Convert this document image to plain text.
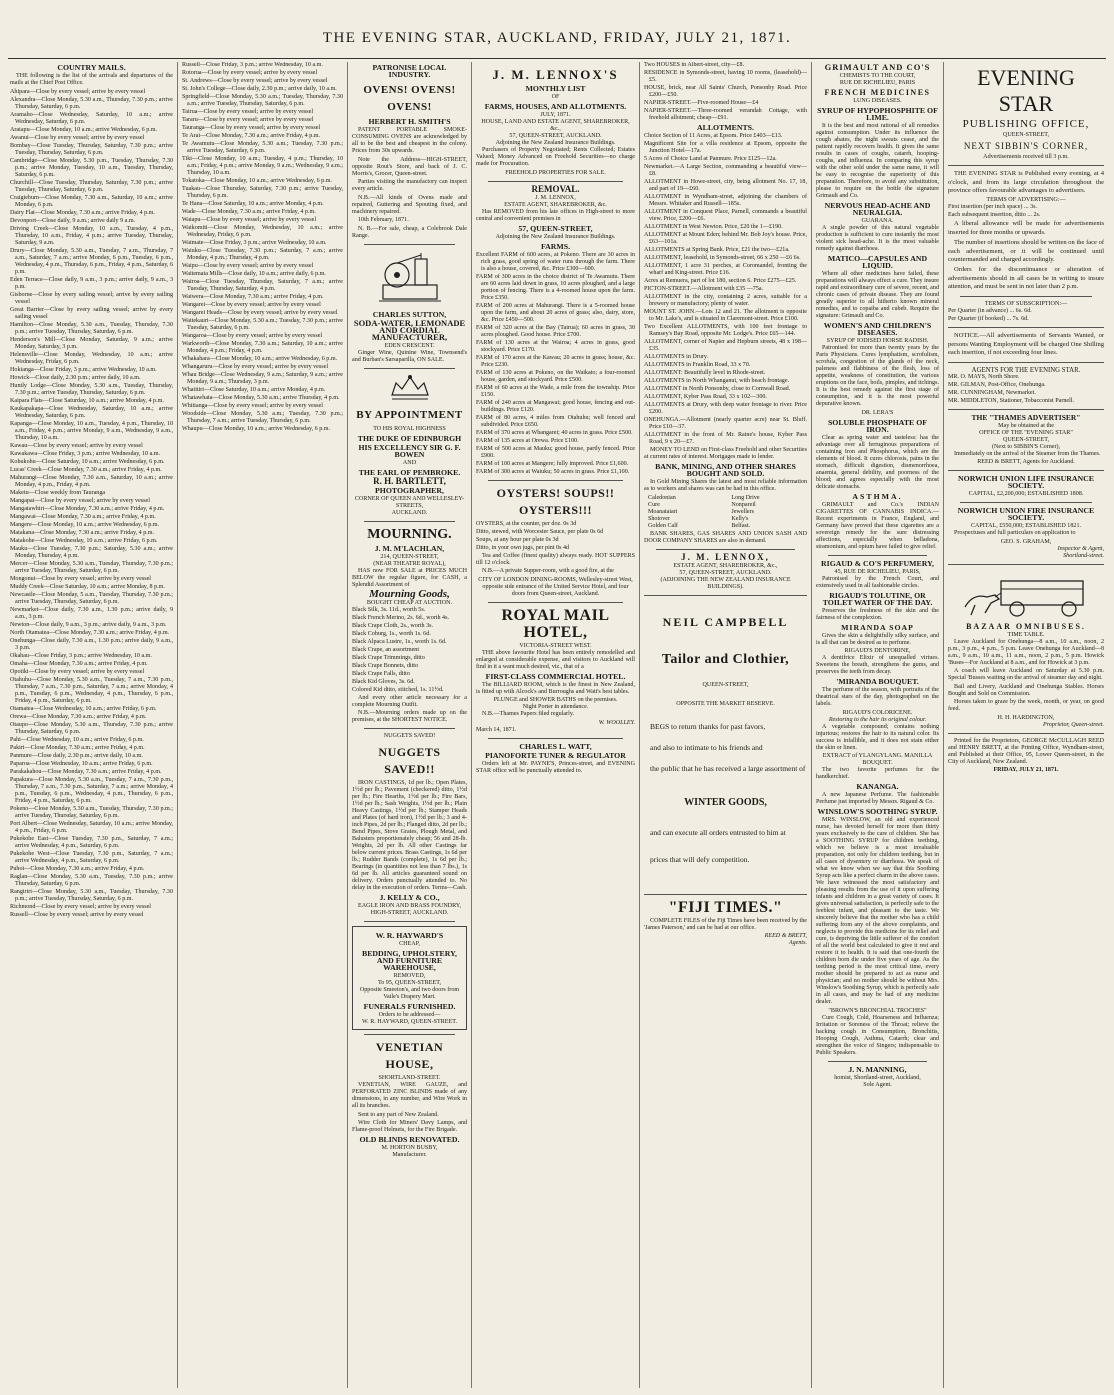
THE EVENING STAR, AUCKLAND, FRIDAY, JULY 21, 1871.
COUNTRY MAILS.

THE following is the list of the arrivals and departures of the mails at the Chief Post Office.

Ahipara—Close by every vessel; arrive by every vessel
Alexandra—Close Monday, 5.30 a.m., Thursday, 7.30 p.m.; arrive Thursday, Saturday, 6 p.m.
Aramaho—Close Wednesday, Saturday, 10 a.m.; arrive Wednesday, Saturday, 6 p.m.
Aratapu—Close Monday, 10 a.m.; arrive Wednesday, 6 p.m.
Awanui—Close by every vessel; arrive by every vessel
Bombay—Close Tuesday, Thursday, Saturday, 7.30 p.m.; arrive Tuesday, Thursday, Saturday, 6 p.m.
Cambridge—Close Monday, 5.30 p.m., Tuesday, Thursday, 7.30 p.m.; arrive Monday, Tuesday, 10 a.m., Tuesday, Thursday, Saturday, 6 p.m.
Churchill—Close Tuesday, Thursday, Saturday, 7.30 p.m.; arrive Tuesday, Thursday, Saturday, 6 p.m.
Craigieburn—Close Monday, 7.30 a.m., Saturday, 10 a.m.; arrive Monday, 6 p.m.
Dairy Flat—Close Monday, 7.30 a.m.; arrive Friday, 4 p.m.
Devonport—Close daily, 9 a.m.; arrive daily 9 a.m.
Driving Creek—Close Monday, 10 a.m., Tuesday, 4 p.m., Thursday, 10 a.m., Friday, 4 p.m.; arrive Tuesday, Thursday, Saturday, 9 a.m.
Drury—Close Monday, 5.30 a.m., Tuesday, 7 a.m., Thursday, 7 a.m., Saturday, 7 a.m.; arrive Monday, 6 p.m., Tuesday, 6 p.m., Wednesday, 4 p.m., Thursday, 6 p.m., Friday, 4 p.m., Saturday, 6 p.m.
Eden Terrace—Close daily, 9 a.m., 3 p.m.; arrive daily, 9 a.m., 3 p.m.
Gisborne—Close by every sailing vessel; arrive by every sailing vessel
Great Barrier—Close by every sailing vessel; arrive by every sailing vessel
Hamilton—Close Monday, 5.30 a.m., Tuesday, Thursday, 7.30 p.m.; arrive Tuesday, Thursday, Saturday, 6 p.m.
Henderson's Mill—Close Monday, Saturday, 9 a.m.; arrive Monday, Saturday, 3 p.m.
Helensville—Close Monday, Wednesday, 10 a.m.; arrive Wednesday, Friday, 6 p.m.
Hokianga—Close Friday, 3 p.m.; arrive Wednesday, 10 a.m.
Howick—Close daily, 2.30 p.m.; arrive daily, 10 a.m.
Huntly Lodge—Close Monday, 5.30 a.m., Tuesday, Thursday, 7.30 p.m.; arrive Tuesday, Thursday, Saturday, 6 p.m.
Kaipara Flats—Close Saturday, 10 a.m.; arrive Monday, 4 p.m.
Kaukapakapa—Close Wednesday, Saturday, 10 a.m.; arrive Wednesday, Saturday, 6 p.m.
Kapanga—Close Monday, 10 a.m., Tuesday, 4 p.m., Thursday, 10 a.m., Friday, 4 p.m.; arrive Monday, 9 a.m., Wednesday, 9 a.m., Thursday, 10 a.m.
Kawau—Close by every vessel; arrive by every vessel
Kawakawa—Close Friday, 3 p.m.; arrive Wednesday, 10 a.m.
Kohukohu—Close Saturday, 10 a.m.; arrive Wednesday, 6 p.m.
Lucas' Creek—Close Monday, 7.30 a.m.; arrive Friday, 4 p.m.
Mahurangi—Close Monday, 7.30 a.m., Saturday, 10 a.m.; arrive Monday, 4 p.m., Friday, 4 p.m.
Maketu—Close weekly from Tauranga
Mangapai—Close by every vessel; arrive by every vessel
Mangatawhiri—Close Monday, 7.30 a.m.; arrive Friday, 4 p.m.
Mangawai—Close Monday, 7.30 a.m.; arrive Friday, 4 p.m.
Mangere—Close Monday, 10 a.m.; arrive Wednesday, 6 p.m.
Matakana—Close Monday, 7.30 a.m.; arrive Friday, 4 p.m.
Matakohe—Close Wednesday, 10 a.m.; arrive Friday, 6 p.m.
Mauku—Close Tuesday, 7.30 p.m.; Saturday, 5.30 a.m.; arrive Monday, Thursday, 4 p.m.
Mercer—Close Monday, 5.30 a.m., Tuesday, Thursday, 7.30 p.m.; arrive Tuesday, Thursday, Saturday, 6 p.m.
Mongonui—Close by every vessel; arrive by every vessel
Muddy Creek—Close Saturday, 10 a.m.; arrive Monday, 8 p.m.
Newcastle—Close Monday, 5 a.m., Tuesday, Thursday, 7.30 p.m.; arrive Tuesday, Thursday, Saturday, 6 p.m.
Newmarket—Close daily, 7.30 a.m., 1.30 p.m.; arrive daily, 9 a.m., 3 p.m.
Newton—Close daily, 9 a.m., 3 p.m.; arrive daily, 9 a.m., 3 p.m.
North Otamatea—Close Monday, 7.30 a.m.; arrive Friday, 4 p.m.
Onehunga—Close daily, 7.30 a.m., 1.30 p.m.; arrive daily, 9 a.m., 3 p.m.
Okahau—Close Friday, 3 p.m.; arrive Wednesday, 10 a.m.
Omaha—Close Monday, 7.30 a.m.; arrive Friday, 4 p.m.
Opotiki—Close by every vessel; arrive by every vessel
Otahuhu—Close Monday, 5.30 a.m., Tuesday, 7 a.m., 7.30 p.m., Thursday, 7 a.m., 7.30 p.m., Saturday, 7 a.m.; arrive Monday, 4 p.m., Tuesday, 6 p.m., Wednesday, 4 p.m., Thursday, 6 p.m., Friday, 4 p.m., Saturday, 6 p.m.
Otamatea—Close Wednesday, 10 a.m.; arrive Friday, 6 p.m.
Orewa—Close Monday, 7.30 a.m.; arrive Friday, 4 p.m.
Otaupo—Close Monday, 5.30 a.m., Thursday, 7.30 p.m.; arrive Thursday, Saturday, 6 p.m.
Pahi—Close Wednesday, 10 a.m.; arrive Friday, 6 p.m.
Pakiri—Close Monday, 7.30 a.m.; arrive Friday, 4 p.m.
Panmure—Close daily, 2.30 p.m.; arrive daily, 10 a.m.
Paparoa—Close Wednesday, 10 a.m.; arrive Friday, 6 p.m.
Parakakahou—Close Monday, 7.30 a.m.; arrive Friday, 4 p.m.
Papakura—Close Monday, 5.30 a.m., Tuesday, 7 a.m., 7.30 p.m., Thursday, 7 a.m., 7.30 p.m., Saturday, 7 a.m.; arrive Monday, 4 p.m., Tuesday, 6 p.m., Wednesday, 4 p.m., Thursday, 6 p.m., Friday, 4 p.m., Saturday, 6 p.m.
Pokeno—Close Monday, 5.30 a.m., Tuesday, Thursday, 7.30 p.m.; arrive Tuesday, Thursday, Saturday, 6 p.m.
Port Albert—Close Wednesday, Saturday, 10 a.m.; arrive Monday, 4 p.m., Friday, 6 p.m.
Pukekohe East—Close Tuesday, 7.30 p.m., Saturday, 7 a.m.; arrive Wednesday, 4 p.m., Saturday, 6 p.m.
Pukekohe West—Close Tuesday, 7.30 p.m., Saturday, 7 a.m.; arrive Wednesday, 4 p.m., Saturday, 6 p.m.
Puhoi—Close Monday, 7.30 a.m.; arrive Friday, 4 p.m.
Raglan—Close Monday, 5.30 a.m., Tuesday, 7.30 p.m.; arrive Thursday, Saturday, 6 p.m.
Rangiriri—Close Monday, 5.30 a.m., Tuesday, Thursday, 7.30 p.m.; arrive Tuesday, Thursday, Saturday, 6 p.m.
Richmond—Close by every vessel; arrive by every vessel
Russell—Close by every vessel; arrive by every vessel
Russell—Close Friday, 3 p.m.; arrive Wednesday, 10 a.m.
Rotorua—Close by every vessel; arrive by every vessel
St. Andrews—Close by every vessel; arrive by every vessel
St. John's College—Close daily, 2.30 p.m.; arrive daily, 10 a.m.
Springfield—Close Monday, 5.30 a.m.; Tuesday, Thursday, 7.30 a.m.; arrive Tuesday, Thursday, Saturday, 6 p.m.
Tairua—Close by every vessel; arrive by every vessel
Tararu—Close by every vessel; arrive by every vessel
Tauranga—Close by every vessel; arrive by every vessel
Te Arai—Close Monday, 7.30 a.m.; arrive Friday, 4 p.m.
Te Awamutu—Close Monday, 5.30 a.m.; Tuesday, 7.30 p.m.; arrive Tuesday, Saturday, 6 p.m.
Tiki—Close Monday, 10 a.m.; Tuesday, 4 p.m.; Thursday, 10 a.m.; Friday, 4 p.m.; arrive Monday, 9 a.m.; Wednesday, 9 a.m.; Thursday, 10 a.m.
Tokatoka—Close Monday, 10 a.m.; arrive Wednesday, 6 p.m.
Tuakau—Close Thursday, Saturday, 7.30 p.m.; arrive Tuesday, Thursday, 6 p.m.
Te Hana—Close Saturday, 10 a.m.; arrive Monday, 4 p.m.
Wade—Close Monday, 7.30 a.m.; arrive Friday, 4 p.m.
Waiapu—Close by every vessel; arrive by every vessel
Waikomiti—Close Monday, Wednesday, 10 a.m.; arrive Wednesday, Friday, 6 p.m.
Waimate—Close Friday, 3 p.m.; arrive Wednesday, 10 a.m.
Waiuku—Close Tuesday, 7.30 p.m.; Saturday, 7 a.m.; arrive Monday, 4 p.m.; Thursday, 4 p.m.
Waipu—Close by every vessel; arrive by every vessel
Waitemata Mills—Close daily, 10 a.m.; arrive daily, 6 p.m.
Wairoa—Close Tuesday, Thursday, Saturday, 7 a.m.; arrive Tuesday, Thursday, Saturday, 4 p.m.
Waiwera—Close Monday, 7.30 a.m.; arrive Friday, 4 p.m.
Wangarei—Close by every vessel; arrive by every vessel
Wangarei Heads—Close by every vessel; arrive by every vessel
Waitekauri—Close Monday, 5.30 a.m.; Tuesday, 7.30 p.m.; arrive Tuesday, Saturday, 6 p.m.
Wangaroa—Close by every vessel; arrive by every vessel
Warkworth—Close Monday, 7.30 a.m.; Saturday, 10 a.m.; arrive Monday, 4 p.m.; Friday, 4 p.m.
Whakahara—Close Monday, 10 a.m.; arrive Wednesday, 6 p.m.
Whangaruru—Close by every vessel; arrive by every vessel
Whau Bridge—Close Wednesday, 9 a.m.; Saturday, 9 a.m.; arrive Monday, 9 a.m.; Thursday, 3 p.m.
Whatitiri—Close Saturday, 10 a.m.; arrive Monday, 4 p.m.
Whatawhata—Close Monday, 5.30 a.m.; arrive Thursday, 4 p.m.
Whitianga—Close by every vessel; arrive by every vessel
Woodside—Close Monday, 5.30 a.m.; Tuesday, 7.30 p.m.; Thursday, 7 a.m.; arrive Tuesday, Thursday, 6 p.m.
Whaupu—Close Monday, 10 a.m.; arrive Wednesday, 6 p.m.
PATRONISE LOCAL INDUSTRY.
OVENS! OVENS! OVENS!
HERBERT H. SMITH'S

PATENT PORTABLE SMOKE-CONSUMING OVENS are acknowledged by all to be the best and cheapest in the colony. Prices from 30s upwards.

Note the Address—HIGH-STREET, opposite Rout's Store, and back of J. C. Morris's, Grocer, Queen-street.

Parties visiting the manufactory can inspect every article.

N.B.—All kinds of Ovens made and repaired, Guttering and Spouting fixed, and machinery repaired.

10th February, 1871.

N. B.—For sale, cheap, a Colebrook Dale Range.

CHARLES SUTTON,
SODA-WATER, LEMONADE AND CORDIAL MANUFACTURER,
EDEN CRESCENT.

Ginger Wine, Quinine Wine, Townsend's and Burban's Sarsaparilla, ON SALE.

BY APPOINTMENT
TO HIS ROYAL HIGHNESS
THE DUKE OF EDINBURGH
HIS EXCELLENCY SIR G. F. BOWEN
AND
THE EARL OF PEMBROKE.
R. H. BARTLETT,
PHOTOGRAPHER,
CORNER OF QUEEN AND WELLESLEY-STREETS,
AUCKLAND.
MOURNING.
J. M. M'LACHLAN,
214, QUEEN-STREET,
(NEAR THEATRE ROYAL),

HAS now FOR SALE at PRICES MUCH BELOW the regular figure, for CASH, a Splendid Assortment of

Mourning Goods,
BOUGHT CHEAP AT AUCTION.
Black Silk, 3s. 11d., worth 5s.
Black French Merino, 2s. 6d., worth 4s.
Black Crape Cloth, 2s., worth 3s.
Black Coburg, 1s., worth 1s. 6d.
Black Alpaca Lustre, 1s., worth 1s. 6d.
Black Crape, an assortment
Black Crape Trimmings, ditto
Black Crape Bonnets, ditto
Black Crape Falls, ditto
Black Kid Gloves, 3s. 6d.
Colored Kid ditto, stitched, 1s. 11½d.

And every other article necessary for a complete Mourning Outfit.

N.B.—Mourning orders made up on the premises, at the SHORTEST NOTICE.

NUGGETS SAVED!
NUGGETS SAVED!!

IRON CASTINGS, 1d per lb.; Open Plates, 1½d per lb.; Pavement (checkered) ditto, 1½d per lb.; Fire Hearths, 1½d per lb.; Fire Bars, 1½d per lb.; Sash Weights, 1½d per lb.; Plain Heavy Castings, 1½d per lb.; Stamper Heads and Plates (of hard iron), 1½d per lb.; 3 and 4-inch Pipes, 2d per lb.; Flanged ditto, 2d per lb.; Bend Pipes, Stove Grates, Plough Metal, and Balusters proportionately cheap; 56 and 28-lb. Weights, 2d per lb. All other Castings far below current prices. Brass Castings, 1s 6d per lb.; Rudder Bands (complete), 1s 6d per lb.; Bearings (in quantities not less than 7 lbs.), 1s 6d per lb. All articles guaranteed sound on delivery. Orders punctually attended to. No delay in the execution of orders. Terms—Cash.

J. KELLY & CO.,
EAGLE IRON AND BRASS FOUNDRY,
HIGH-STREET, AUCKLAND.
W. R. HAYWARD'S
CHEAP,
BEDDING, UPHOLSTERY, AND FURNITURE WAREHOUSE,
REMOVED,
To 95, QUEEN-STREET,
Opposite Smeeton's, and two doors from Vaile's Drapery Mart.
FUNERALS FURNISHED.
Orders to be addressed—
W. R. HAYWARD, QUEEN-STREET.
VENETIAN HOUSE,
SHORTLAND-STREET.

VENETIAN, WIRE GAUZE, and PERFORATED ZINC BLINDS made of any dimensions, in any number, and Wire Work in all its branches.

Sent to any part of New Zealand.

Wire Cloth for Miners' Davy Lamps, and Flame-proof Helmets, for the Fire Brigade.

OLD BLINDS RENOVATED.
M. HORTON BUSBY,
Manufacturer.
J. M. LENNOX'S
MONTHLY LIST
OF
FARMS, HOUSES, AND ALLOTMENTS.
JULY, 1871.
HOUSE, LAND AND ESTATE AGENT, SHAREBROKER, &c.,
57, QUEEN-STREET, AUCKLAND.
Adjoining the New Zealand Insurance Buildings.

Purchasers of Property Negotiated; Rents Collected; Estates Valued; Money Advanced on Freehold Securities—no charge made for Procuration.

FREEHOLD PROPERTIES FOR SALE.
REMOVAL.
J. M. LENNOX,
ESTATE AGENT, SHAREBROKER, &c.

Has REMOVED from his late offices in High-street to more central and convenient premises in

57, QUEEN-STREET,
Adjoining the New Zealand Insurance Buildings.
FARMS.
Excellent FARM of 600 acres, at Pokeno. There are 30 acres in rich grass, good spring of water runs through the farm. There is also a house, covered, &c. Price £300—600.
FARM of 300 acres in the choice district of Te Awamutu. There are 60 acres laid down in grass, 10 acres ploughed, and a large portion of fencing. There is a 4-roomed house upon the farm. Price £350.
FARM of 200 acres at Mahurangi. There is a 5-roomed house upon the farm, and about 20 acres of grass; also, dairy, store, &c. Price £450—500.
FARM of 320 acres at the Bay (Tairua); 60 acres in grass, 30 acres ploughed. Good house. Price £700.
FARM of 130 acres at the Wairoa; 4 acres in grass, good stockyard. Price £170.
FARM of 170 acres at the Kawau; 20 acres in grass; house, &c. Price £230.
FARM of 130 acres at Pokeno, on the Waikato; a four-roomed house, garden, and stockyard. Price £500.
FARM of 60 acres at the Wade, a mile from the township. Price £150.
FARM of 240 acres at Mangawai; good house, fencing and out-buildings. Price £120.
FARM of 80 acres, 4 miles from Otahuhu; well fenced and subdivided. Price £650.
FARM of 370 acres at Whangarei; 40 acres in grass. Price £500.
FARM of 135 acres at Orewa. Price £100.
FARM of 500 acres at Mauku; good house, partly fenced. Price £900.
FARM of 100 acres at Mangere; fully improved. Price £1,600.
FARM of 300 acres at Waiuku; 50 acres in grass. Price £1,100.
OYSTERS! SOUPS!! OYSTERS!!!
OYSTERS, at the counter, per doz. 0s 3d
Ditto, stewed, with Worcester Sauce, per plate 0s 6d
Soups, at any hour per plate 0s 3d
Ditto, in your own jugs, per pint 0s 4d

Tea and Coffee (finest quality) always ready. HOT SUPPERS till 12 o'clock.

N.B.—A private Supper-room, with a good fire, at the

CITY OF LONDON DINING-ROOMS, Wellesley-street West, opposite side entrance of the United Service Hotel, and four doors from Queen-street, Auckland.
ROYAL MAIL HOTEL,
VICTORIA-STREET WEST.

THE above favourite Hotel has been entirely remodelled and enlarged at considerable expense, and visitors to Auckland will find in it a want much desired, viz., that of a

FIRST-CLASS COMMERCIAL HOTEL.

The BILLIARD ROOM, which is the finest in New Zealand, is fitted up with Alcock's and Burroughs and Watt's best tables.

PLUNGE and SHOWER BATHS on the premises.
Night Porter in attendance.

N.B.—Thames Papers filed regularly.

W. WOOLLEY.
March 14, 1871.
CHARLES L. WATT,
PIANOFORTE TUNER & REGULATOR

Orders left at Mr. PAYNE'S, Princes-street, and EVENING STAR office will be punctually attended to.

Two HOUSES in Albert-street, city—£8.
RESIDENCE in Symonds-street, having 10 rooms, (leasehold)—£5.
HOUSE, brick, near All Saints' Church, Ponsonby Road. Price £200—£50.
NAPIER-STREET.—Five-roomed House—£4
NAPIER-STREET.—Three-roomed verandah Cottage, with freehold allotment; cheap—£91.
ALLOTMENTS.
Choice Section of 11 Acres, at Epsom. Price £403—£13.
Magnificent Site for a villa residence at Epsom, opposite the Junction Hotel—17a.
5 Acres of Choice Land at Panmure. Price £125—12a.
Newmarket.—A Large Section, commanding a beautiful view—£8.
ALLOTMENT in Howe-street, city, being allotment No. 17, 18, and part of 19—£60.
ALLOTMENT in Wyndham-street, adjoining the chambers of Messrs. Whitaker and Russell—185s.
ALLOTMENT in Conquest Place, Parnell, commands a beautiful view. Price, £200—£6.
ALLOTMENT in West Newton. Price, £20 the 1—£190.
ALLOTMENT at Mount Eden; behind Mr. Bob Joy's house. Price, £63—101a.
ALLOTMENTS at Spring Bank. Price, £21 the two—£21a.
ALLOTMENT, leasehold, in Symonds-street, 66 x 250 —£6 6s.
ALLOTMENT, 1 acre 31 perches, at Coromandel, fronting the wharf and King-street. Price £16.
Acres at Remuera, part of lot 180, section 6. Price £275—£25.
PICTON-STREET.—Allotment with £35 —75a.
ALLOTMENT in the city, containing 2 acres, suitable for a brewery or manufactory; plenty of water.
MOUNT ST. JOHN.—Lots 12 and 21. The allotment is opposite to Mr. Lake's, and is situated in Claremont-street. Price £100.
Two Excellent ALLOTMENTS, with 100 feet frontage to Ramsey's Bay Road, opposite Mr. Lodge's. Price £65—144.
ALLOTMENT, corner of Napier and Hepburn streets, 48 x 198—£35.
ALLOTMENTS in Drury.
ALLOTMENTS in Franklin Road, 33 x 70.
ALLOTMENT: Beautifully level in Rhode-street.
ALLOTMENTS in North Whanganui, with beach frontage.
ALLOTMENT in North Ponsonby, close to Cornwall Road.
ALLOTMENT, Kyber Pass Road, 33 x 102—300.
ALLOTMENTS at Drury, with deep water frontage to river. Price £200.
ONEHUNGA.—Allotment (nearly quarter acre) near St. Bluff. Price £10—37.
ALLOTMENT in the front of Mr. Raine's house, Kyber Pass Road, 9 x 20—£7.

MONEY TO LEND on First-class Freehold and other Securities at current rates of interest. Mortgages made to lender.

BANK, MINING, AND OTHER SHARES BOUGHT AND SOLD.

In Gold Mining Shares the latest and most reliable information as to workers and shares was can be had in this office.

Caledonian	Long Drive
Cure	Nonpareil
Moanataiari	Jewellers
Shotover	Kelly's
Golden Calf	Belfast.

BANK SHARES, GAS SHARES AND UNION SASH AND DOOR COMPANY SHARES are also in demand.

J. M. LENNOX,
ESTATE AGENT, SHAREBROKER, &c.,
57, QUEEN-STREET, AUCKLAND.
(ADJOINING THE NEW ZEALAND INSURANCE BUILDINGS).
NEIL CAMPBELL
Tailor and Clothier,
QUEEN-STREET,
OPPOSITE THE MARKET RESERVE.

BEGS to return thanks for past favors,

and also to intimate to his friends and

the public that he has received a large assortment of

WINTER GOODS,

and can execute all orders entrusted to him at

prices that will defy competition.

"FIJI TIMES."

COMPLETE FILES of the Fiji Times have been received by the 'James Paterson,' and can be had at our office.

REED & BRETT,
Agents.
GRIMAULT AND CO'S
CHEMISTS TO THE COURT,
RUE DE RICHELIEU, PARIS
FRENCH MEDICINES
LUNG DISEASES.
SYRUP OF HYPOPHOSPHITE OF LIME.

It is the best and most rational of all remedies against consumption. Under its influence the cough abates, the night sweats cease, and the patient rapidly recovers health. It gives the same results in cases of coughs, catarrh, hooping-coughs, and influenza. In comparing this syrup with the other sold under the same name, it will be easy to recognise the superiority of this preparation. Therefore, to avoid any substitution, please to require on the bottle the signature Grimault and Co.

NERVOUS HEAD-ACHE AND NEURALGIA.
GUARANA.

A single powder of this natural vegetable production is sufficient to cure instantly the most violent sick head-ache. It is the most valuable remedy against diarrhoea.

MATICO—CAPSULES AND LIQUID.

Where all other medicines have failed, these preparations will always effect a cure. They insure rapid and extraordinary cure of severe, recent, and chronic cases of private disease. They are found greatly superior to all hitherto known mineral remedies, and to copaiba and cubeb. Require the signature: Grimault and Co.

WOMEN'S AND CHILDREN'S DISEASES.
SYRUP OF IODISED HORSE RADISH.

Patronised for more than twenty years by the Paris Physicians. Cures lymphatism, scrofulism, scrofula, congestion of the glands of the neck, paleness and flabbiness of the flesh, loss of appetite, weakness of constitution, the various eruptions on the face, boils, pimples, and itchings. It is the best remedy against the first stage of consumption, and it is the most powerful depurative known.

DR. LERA'S
SOLUBLE PHOSPHATE OF IRON.

Clear as spring water and tasteless: has the advantage over all ferruginous preparations of containing Iron and Phosphorus, which are the elements of blood. It cures chlorosis, pains in the stomach, difficult digestion, dismenorrhoea, anaemia, general debility, and poorness of the blood; and agrees especially with the most delicate stomachs.

ASTHMA.

GRIMAULT and Co.'s INDIAN CIGARETTES OF CANNABIS INDICA.—Recent experiments in France, England, and Germany have proved that these cigarettes are a sovereign remedy for the sure distressing affections, especially when belladona, stramonium, and opium have failed to give relief.

RIGAUD & CO'S PERFUMERY,
45, RUE DE RICHELIEU, PARIS,

Patronised by the French Court, and extensively used in all fashionable circles.

RIGAUD'S TOLUTINE, OR TOILET WATER OF THE DAY.

Preserves the freshness of the skin and the fairness of the complexion.

MIRANDA SOAP

Gives the skin a delightfully silky surface, and is all that can be desired as to perfume.

RIGAUD'S DENTORINE,

A dentifrice Elixir of unequalled virtues. Sweetens the breath, strengthens the gums, and preserves the teeth from decay.

'MIRANDA BOUQUET.

The perfume of the season, with portraits of the theatrical stars of the day, photographed on the labels.

RIGAUD'S COLORICENE.
Restoring to the hair its original colour.

A vegetable compound; contains nothing injurious; restores the hair to its natural color. Its success is infallible, and it does not stain either the skin or linen.

EXTRACT of YLANGYLANG. MANILLA BOUQUET.

The two favorite perfumes for the handkerchief.

KANANGA.

A new Japanese Perfume. The fashionable Perfume just imported by Messrs. Rigaud & Co.

WINSLOW'S SOOTHING SYRUP.

MRS. WINSLOW, an old and experienced nurse, has devoted herself for more than thirty years exclusively to the care of children. She has a SOOTHING SYRUP for children teething, which we believe is a most invaluable preparation, not only for children teething, but in all cases of dysentery or diarrhoea. We speak of what we know when we say that this Soothing Syrup acts like a perfect charm in the above cases. We have witnessed the most satisfactory and pleasing results from the use of it upon suffering infants and children in a great variety of cases. It gives universal satisfaction, is perfectly safe to the feeblest infant, and pleasant to the taste. We sincerely believe that the mother who has a child suffering from any of the above complaints, and neglects to provide this medicine for its relief and cure, is depriving the little sufferer of the comfort of all the world best calculated to give it rest and restore it to health. It is said that one-fourth the children born die under five years of age. As the teething period is the most critical time, every mother should be prepared to act as nurse and physician; and no mother should be without Mrs. Winslow's Soothing Syrup, which is perfectly safe in all cases, and may be had of any medicine dealer.

"BROWN'S BRONCHIAL TROCHES"

Cure Cough, Cold, Hoarseness and Influenza; Irritation or Soreness of the Throat; relieve the hacking cough in Consumption, Bronchitis, Hooping Cough, Asthma, Catarrh; clear and strengthen the voice of Singers; indispensable to Public Speakers.

J. N. MANNING,
homist, Shortland-street, Auckland,
Sole Agent.
EVENING STAR
PUBLISHING OFFICE,
QUEEN-STREET,
NEXT SIBBIN'S CORNER,
Advertisements received till 3 p.m.

THE EVENING STAR is Published every evening, at 4 o'clock, and from its large circulation throughout the province offers favourable advantages to advertisers.

TERMS OF ADVERTISING:—
First insertion (per inch space) ... 3s.
Each subsequent insertion, ditto ... 2s.

A liberal allowance will be made for advertisements inserted for three months or upwards.

The number of insertions should be written on the face of each advertisement, or it will be continued until countermanded and charged accordingly.

Orders for the discontinuance or alteration of advertisements should in all cases be in writing to insure attention, and must be sent in not later than 2 p.m.

TERMS OF SUBSCRIPTION:—
Per Quarter (in advance) ... 6s. 6d.
Per Quarter (if booked) ... 7s. 6d.

NOTICE.—All advertisements of Servants Wanted, or persons Wanting Employment will be charged One Shilling each insertion, if not exceeding four lines.

AGENTS FOR THE EVENING STAR.
MR. O. MAYS, North Shore.
MR. GILMAN, Post-Office, Onehunga.
MR. CUNNINGHAM, Newmarket.
MR. MIDDLETON, Stationer, Tobacconist Parnell.
THE "THAMES ADVERTISER"
May be obtained at the
OFFICE OF THE "EVENING STAR"
QUEEN-STREET,
(Next to SIBBIN'S Corner),

Immediately on the arrival of the Steamer from the Thames.

REED & BRETT, Agents for Auckland.
NORWICH UNION LIFE INSURANCE SOCIETY.
CAPITAL, £2,200,000; ESTABLISHED 1808.
NORWICH UNION FIRE INSURANCE SOCIETY.
CAPITAL, £550,000; ESTABLISHED 1821.

Prospectuses and full particulars on application to

GEO. S. GRAHAM,
Inspector & Agent,
Shortland-street.
BAZAAR OMNIBUSES.
TIME TABLE.

Leave Auckland for Onehunga—8 a.m., 10 a.m., noon, 2 p.m., 3 p.m., 4 p.m., 5 p.m. Leave Onehunga for Auckland—8 a.m., 9 a.m., 10 a.m., 11 a.m., noon, 2 p.m., 5 p.m. Howick 'Buses—For Auckland at 8 a.m., and for Howick at 3 p.m.

A coach will leave Auckland on Saturday at 5.30 p.m. Special 'Busses waiting on the arrival of steamer day and night.

Bail and Livery, Auckland and Onehunga Stables. Horses Bought and Sold on Commission.

Horses taken to graze by the week, month, or year, on good feed.

H. H. HARDINGTON,
Proprietor, Queen-street.

Printed for the Proprietors, GEORGE McCULLAGH REED and HENRY BRETT, at the Printing Office, Wyndham-street, and Published at their Office, 95, Lower Queen-street, in the City of Auckland, New Zealand.

FRIDAY, JULY 21, 1871.
